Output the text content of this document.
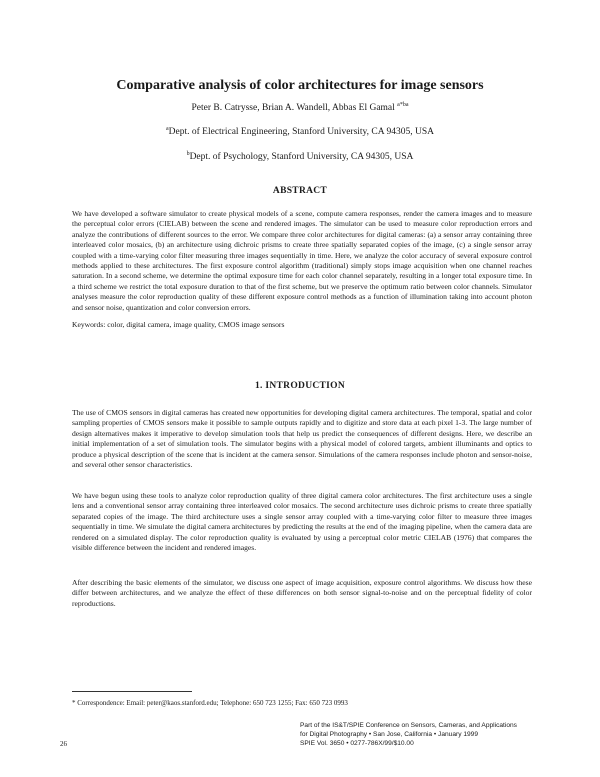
Comparative analysis of color architectures for image sensors

Peter B. Catrysse, Brian A. Wandell, Abbas El Gamal $^{a*ba}$

$^a$Dept. of Electrical Engineering, Stanford University, CA 94305, USA

$^b$Dept. of Psychology, Stanford University, CA 94305, USA

ABSTRACT

We have developed a software simulator to create physical models of a scene, compute camera responses, render the camera images and to measure the perceptual color errors (CIELAB) between the scene and rendered images. The simulator can be used to measure color reproduction errors and analyze the contributions of different sources to the error. We compare three color architectures for digital cameras: (a) a sensor array containing three interleaved color mosaics, (b) an architecture using dichroic prisms to create three spatially separated copies of the image, (c) a single sensor array coupled with a time-varying color filter measuring three images sequentially in time. Here, we analyze the color accuracy of several exposure control methods applied to these architectures. The first exposure control algorithm (traditional) simply stops image acquisition when one channel reaches saturation. In a second scheme, we determine the optimal exposure time for each color channel separately, resulting in a longer total exposure time. In a third scheme we restrict the total exposure duration to that of the first scheme, but we preserve the optimum ratio between color channels. Simulator analyses measure the color reproduction quality of these different exposure control methods as a function of illumination taking into account photon and sensor noise, quantization and color conversion errors.

Keywords: color, digital camera, image quality, CMOS image sensors

1. INTRODUCTION

The use of CMOS sensors in digital cameras has created new opportunities for developing digital camera architectures. The temporal, spatial and color sampling properties of CMOS sensors make it possible to sample outputs rapidly and to digitize and store data at each pixel 1-3. The large number of design alternatives makes it imperative to develop simulation tools that help us predict the consequences of different designs. Here, we describe an initial implementation of a set of simulation tools. The simulator begins with a physical model of colored targets, ambient illuminants and optics to produce a physical description of the scene that is incident at the camera sensor. Simulations of the camera responses include photon and sensor-noise, and several other sensor characteristics.

We have begun using these tools to analyze color reproduction quality of three digital camera color architectures. The first architecture uses a single lens and a conventional sensor array containing three interleaved color mosaics. The second architecture uses dichroic prisms to create three spatially separated copies of the image. The third architecture uses a single sensor array coupled with a time-varying color filter to measure three images sequentially in time. We simulate the digital camera architectures by predicting the results at the end of the imaging pipeline, when the camera data are rendered on a simulated display. The color reproduction quality is evaluated by using a perceptual color metric CIELAB (1976) that compares the visible difference between the incident and rendered images.

After describing the basic elements of the simulator, we discuss one aspect of image acquisition, exposure control algorithms. We discuss how these differ between architectures, and we analyze the effect of these differences on both sensor signal-to-noise and on the perceptual fidelity of color reproductions.

* Correspondence: Email: peter@kaos.stanford.edu; Telephone: 650 723 1255; Fax: 650 723 0993

Part of the IS&T/SPIE Conference on Sensors, Cameras, and Applications
for Digital Photography • San Jose, California • January 1999
SPIE Vol. 3650 • 0277-786X/99/$10.00

26
